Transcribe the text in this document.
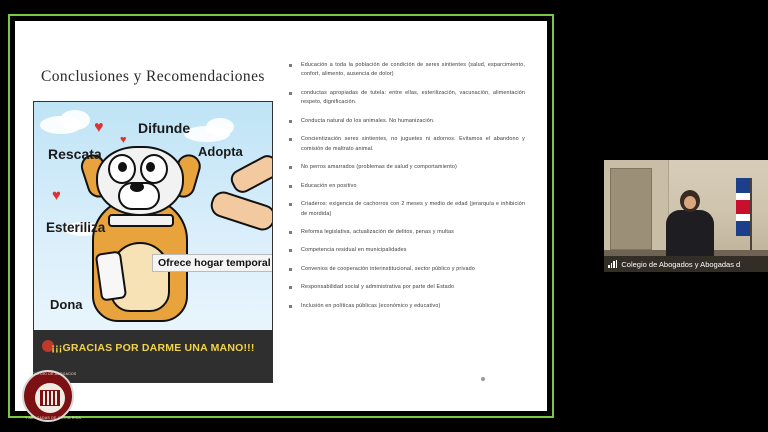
Conclusiones y Recomendaciones
♥
♥
♥
Difunde
Adopta
Rescata
Esteriliza
Dona
Ofrece hogar temporal
¡¡¡GRACIAS POR DARME UNA MANO!!!
Educación a toda la población de condición de seres sintientes (salud, esparcimiento, confort, alimento, ausencia de dolor)
conductas apropiadas de tutela: entre ellas, esterilización, vacunación, alimentación respeto, dignificación.
Conducta natural do los animales. No humanización.
Concientización seres sintientes, no juguetes ni adornos. Evitamos el abandono y comisión de maltrato animal.
No perros amarrados (problemas de salud y comportamiento)
Educación en positivo
Criaderos: exigencia de cachorros con 2 meses y medio de edad (jerarquía e inhibición de mordida)
Reforma legislativa, actualización de delitos, penas y multas
Competencia residual en municipalidades
Convenios de cooperación interinstitucional, sector público y privado
Responsabilidad social y administrativa por parte del Estado
Inclusión en políticas públicas (económico y educativo)
COLEGIO DE ABOGADOS
Y ABOGADAS DE COSTA RICA
Colegio de Abogados y Abogadas d
